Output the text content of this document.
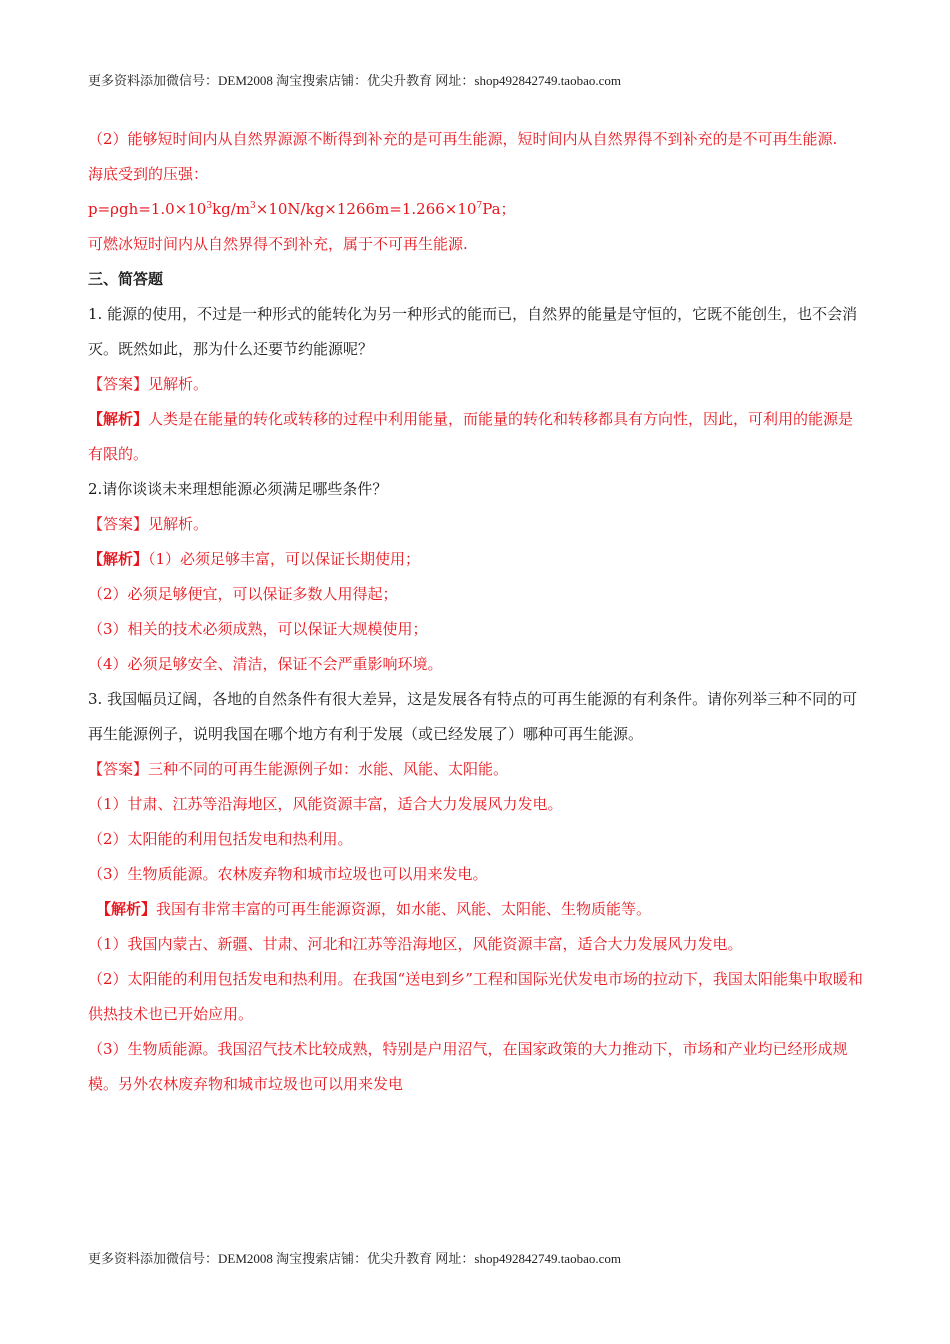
更多资料添加微信号：DEM2008 淘宝搜索店铺：优尖升教育 网址：shop492842749.taobao.com

（2）能够短时间内从自然界源源不断得到补充的是可再生能源，短时间内从自然界得不到补充的是不可再生能源.

海底受到的压强：

$p=\rho gh=1.0\times 10^3kg/m^3\times 10N/kg\times 1266m=1.266\times 10^7Pa$；

可燃冰短时间内从自然界得不到补充，属于不可再生能源.

三、简答题

1. 能源的使用，不过是一种形式的能转化为另一种形式的能而已，自然界的能量是守恒的，它既不能创生，也不会消灭。既然如此，那为什么还要节约能源呢？

【答案】见解析。

【解析】人类是在能量的转化或转移的过程中利用能量，而能量的转化和转移都具有方向性，因此，可利用的能源是有限的。

2.请你谈谈未来理想能源必须满足哪些条件？

【答案】见解析。

【解析】（1）必须足够丰富，可以保证长期使用；

（2）必须足够便宜，可以保证多数人用得起；

（3）相关的技术必须成熟，可以保证大规模使用；

（4）必须足够安全、清洁，保证不会严重影响环境。

3. 我国幅员辽阔，各地的自然条件有很大差异，这是发展各有特点的可再生能源的有利条件。请你列举三种不同的可再生能源例子，说明我国在哪个地方有利于发展（或已经发展了）哪种可再生能源。

【答案】三种不同的可再生能源例子如：水能、风能、太阳能。

（1）甘肃、江苏等沿海地区，风能资源丰富，适合大力发展风力发电。

（2）太阳能的利用包括发电和热利用。

（3）生物质能源。农林废弃物和城市垃圾也可以用来发电。

【解析】我国有非常丰富的可再生能源资源，如水能、风能、太阳能、生物质能等。

（1）我国内蒙古、新疆、甘肃、河北和江苏等沿海地区，风能资源丰富，适合大力发展风力发电。

（2）太阳能的利用包括发电和热利用。在我国“送电到乡”工程和国际光伏发电市场的拉动下，我国太阳能集中取暖和供热技术也已开始应用。

（3）生物质能源。我国沼气技术比较成熟，特别是户用沼气，在国家政策的大力推动下，市场和产业均已经形成规模。另外农林废弃物和城市垃圾也可以用来发电

更多资料添加微信号：DEM2008 淘宝搜索店铺：优尖升教育 网址：shop492842749.taobao.com
